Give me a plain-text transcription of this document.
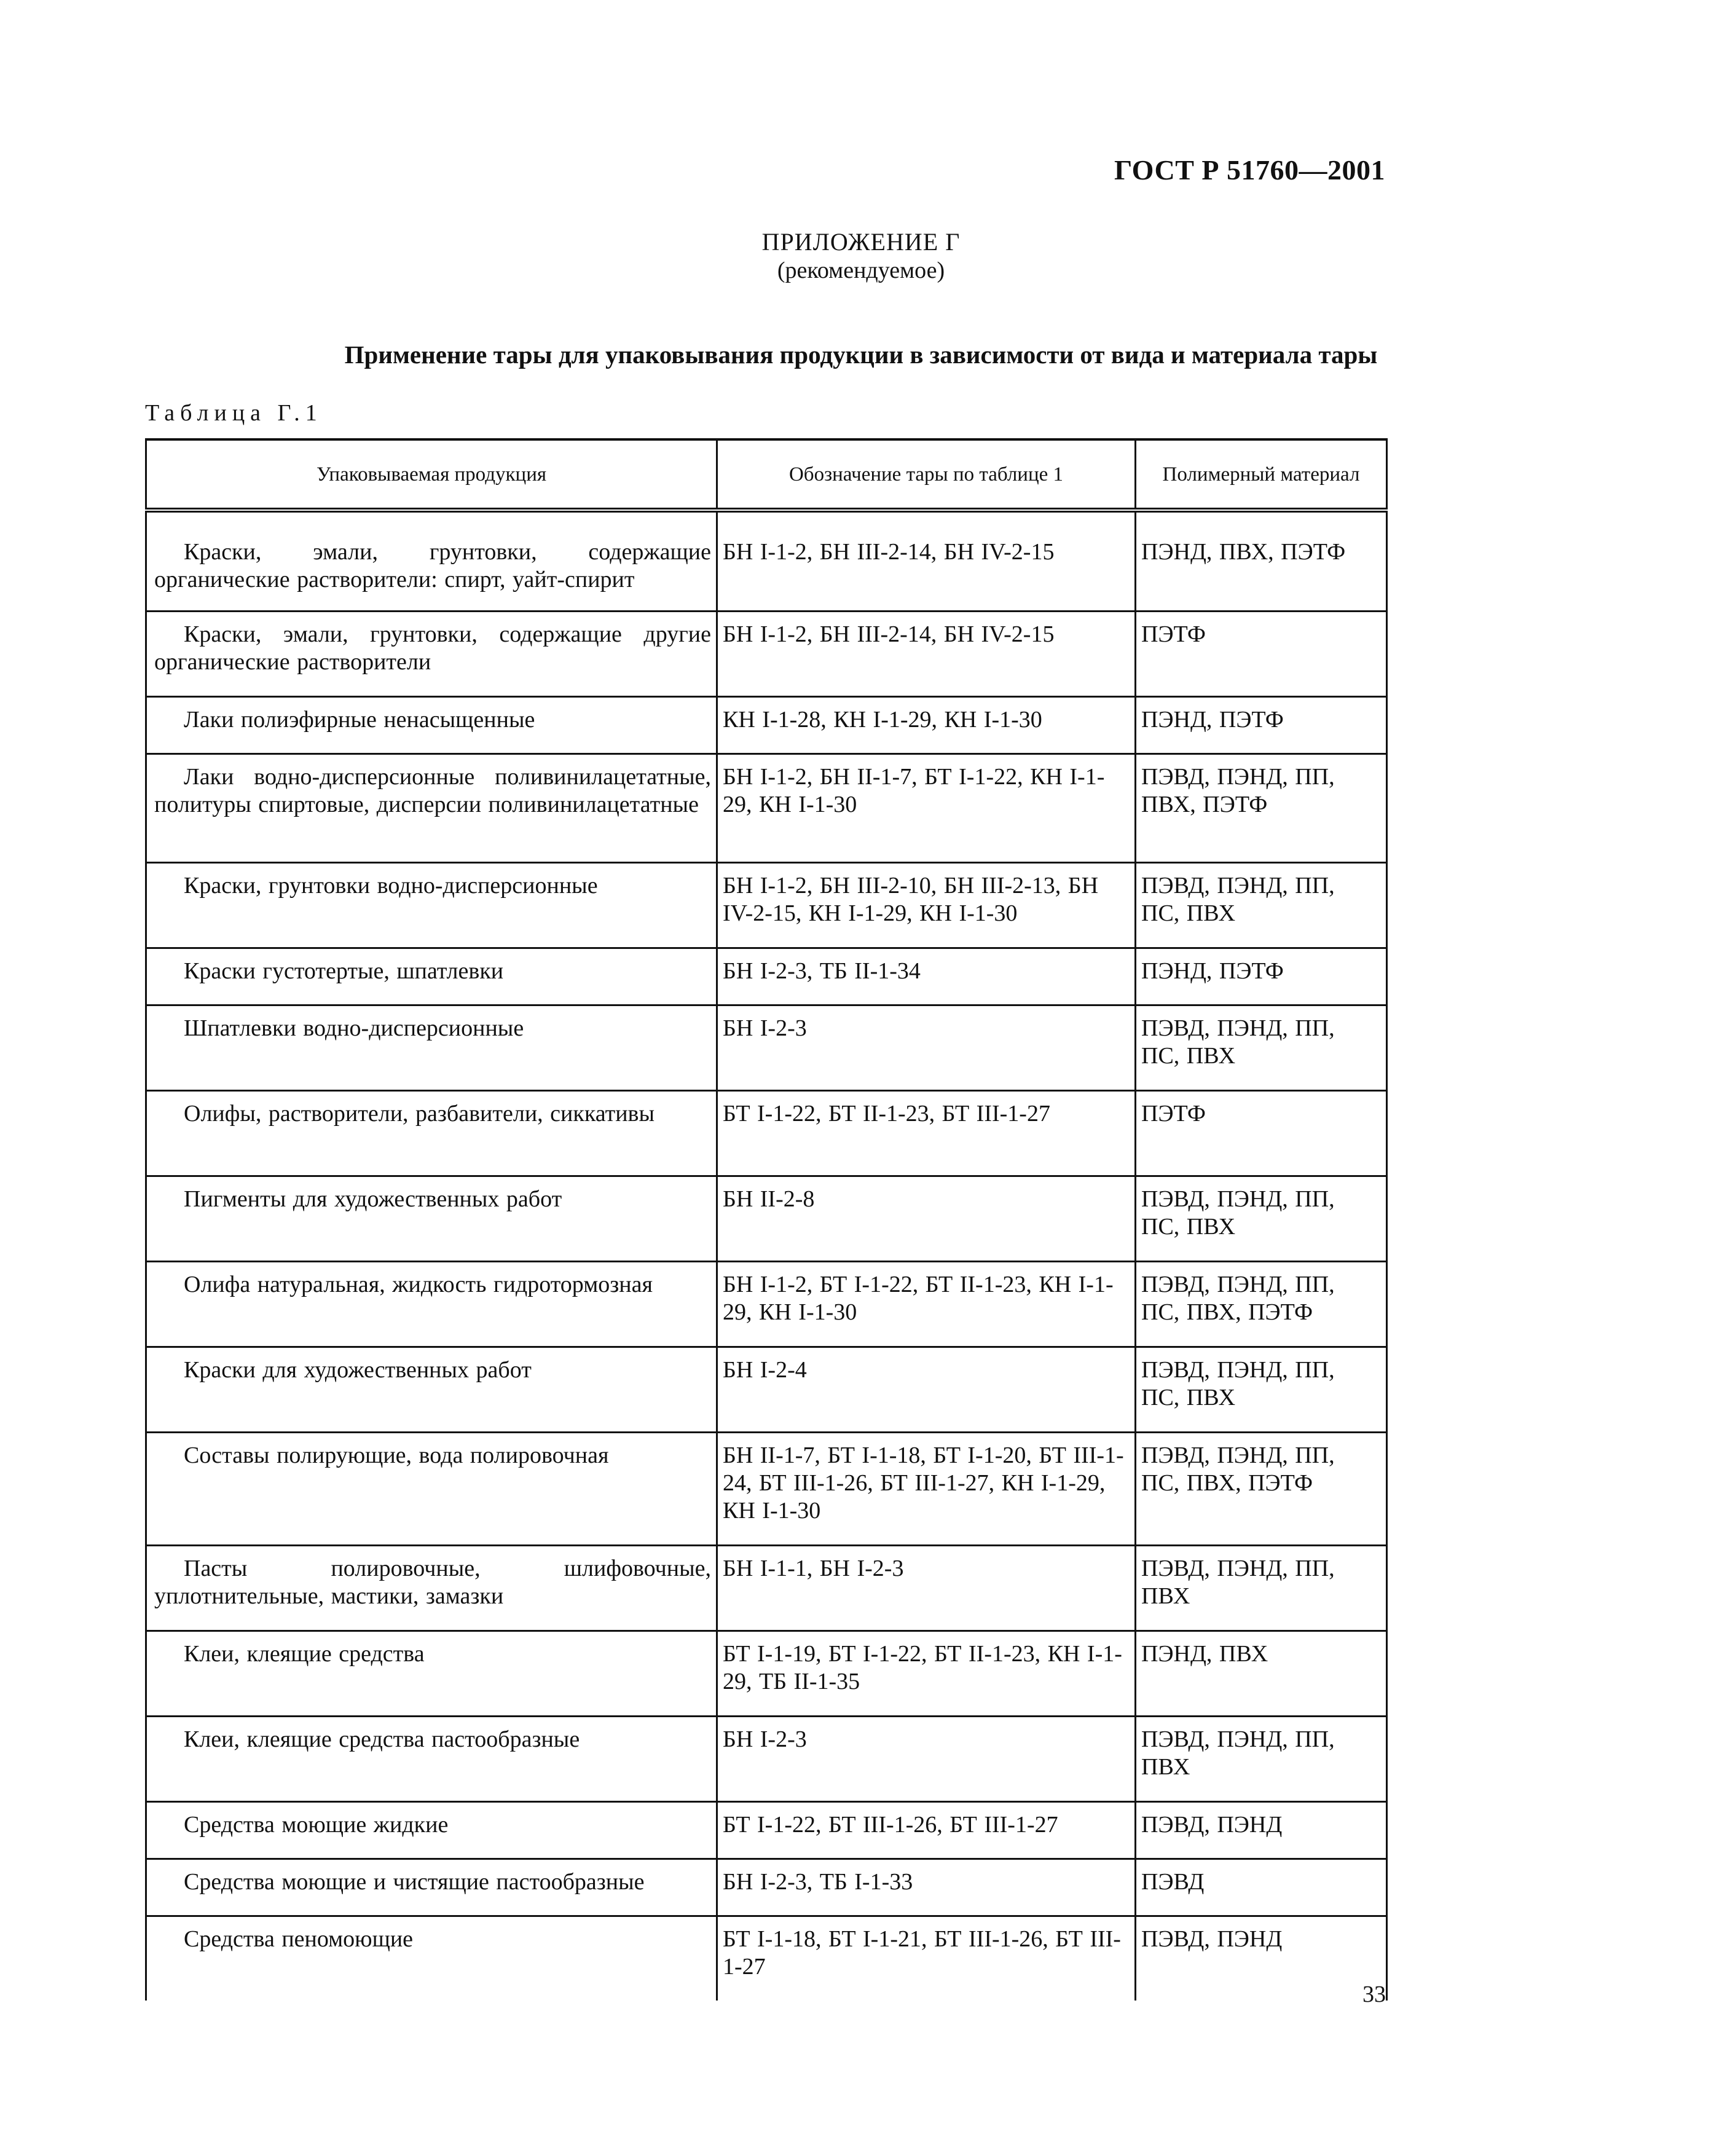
ГОСТ Р 51760—2001
ПРИЛОЖЕНИЕ Г
(рекомендуемое)
Применение тары для упаковывания продукции в зависимости от вида и материала тары
Таблица Г.1
Упаковываемая продукция	Обозначение тары по таблице 1	Полимерный материал
Краски, эмали, грунтовки, содержащие органические растворители: спирт, уайт-спирит	БН I-1-2, БН III-2-14, БН IV-2-15	ПЭНД, ПВХ, ПЭТФ
Краски, эмали, грунтовки, содержащие другие органические растворители	БН I-1-2, БН III-2-14, БН IV-2-15	ПЭТФ
Лаки полиэфирные ненасыщенные	КН I-1-28, КН I-1-29, КН I-1-30	ПЭНД, ПЭТФ
Лаки водно-дисперсионные поливинилацетатные, политуры спиртовые, дисперсии поливинилацетатные	БН I-1-2, БН II-1-7, БТ I-1-22, КН I-1-29, КН I-1-30	ПЭВД, ПЭНД, ПП, ПВХ, ПЭТФ
Краски, грунтовки водно-дисперсионные	БН I-1-2, БН III-2-10, БН III-2-13, БН IV-2-15, КН I-1-29, КН I-1-30	ПЭВД, ПЭНД, ПП, ПС, ПВХ
Краски густотертые, шпатлевки	БН I-2-3, ТБ II-1-34	ПЭНД, ПЭТФ
Шпатлевки водно-дисперсионные	БН I-2-3	ПЭВД, ПЭНД, ПП, ПС, ПВХ
Олифы, растворители, разбавители, сиккативы	БТ I-1-22, БТ II-1-23, БТ III-1-27	ПЭТФ
Пигменты для художественных работ	БН II-2-8	ПЭВД, ПЭНД, ПП, ПС, ПВХ
Олифа натуральная, жидкость гидротормозная	БН I-1-2, БТ I-1-22, БТ II-1-23, КН I-1-29, КН I-1-30	ПЭВД, ПЭНД, ПП, ПС, ПВХ, ПЭТФ
Краски для художественных работ	БН I-2-4	ПЭВД, ПЭНД, ПП, ПС, ПВХ
Составы полирующие, вода полировочная	БН II-1-7, БТ I-1-18, БТ I-1-20, БТ III-1-24, БТ III-1-26, БТ III-1-27, КН I-1-29, КН I-1-30	ПЭВД, ПЭНД, ПП, ПС, ПВХ, ПЭТФ
Пасты полировочные, шлифовочные, уплотнительные, мастики, замазки	БН I-1-1, БН I-2-3	ПЭВД, ПЭНД, ПП, ПВХ
Клеи, клеящие средства	БТ I-1-19, БТ I-1-22, БТ II-1-23, КН I-1-29, ТБ II-1-35	ПЭНД, ПВХ
Клеи, клеящие средства пастообразные	БН I-2-3	ПЭВД, ПЭНД, ПП, ПВХ
Средства моющие жидкие	БТ I-1-22, БТ III-1-26, БТ III-1-27	ПЭВД, ПЭНД
Средства моющие и чистящие пастообразные	БН I-2-3, ТБ I-1-33	ПЭВД
Средства пеномоющие	БТ I-1-18, БТ I-1-21, БТ III-1-26, БТ III-1-27	ПЭВД, ПЭНД
33
